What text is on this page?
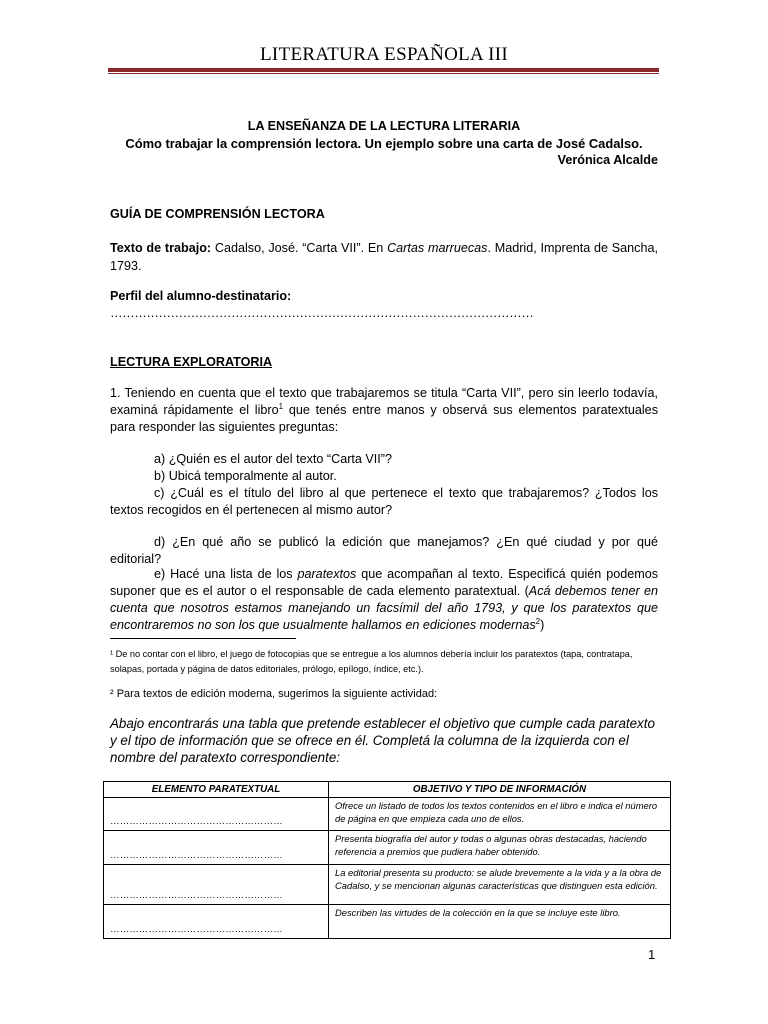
LITERATURA ESPAÑOLA III
LA ENSEÑANZA DE LA LECTURA LITERARIA
Cómo trabajar la comprensión lectora. Un ejemplo sobre una carta de José Cadalso.
Verónica Alcalde
GUÍA DE COMPRENSIÓN LECTORA
Texto de trabajo: Cadalso, José. “Carta VII”. En Cartas marruecas. Madrid, Imprenta de Sancha, 1793.
Perfil del alumno-destinatario: ……………………………………………………………………………………………
LECTURA EXPLORATORIA
1. Teniendo en cuenta que el texto que trabajaremos se titula “Carta VII”, pero sin leerlo todavía, examiná rápidamente el libro$^1$ que tenés entre manos y observá sus elementos paratextuales para responder las siguientes preguntas:
a) ¿Quién es el autor del texto “Carta VII”?
b) Ubicá temporalmente al autor.
c) ¿Cuál es el título del libro al que pertenece el texto que trabajaremos? ¿Todos los textos recogidos en él pertenecen al mismo autor?
d) ¿En qué año se publicó la edición que manejamos? ¿En qué ciudad y por qué editorial?
e) Hacé una lista de los paratextos que acompañan al texto. Especificá quién podemos suponer que es el autor o el responsable de cada elemento paratextual. (Acá debemos tener en cuenta que nosotros estamos manejando un facsímil del año 1793, y que los paratextos que encontraremos no son los que usualmente hallamos en ediciones modernas$^2$)
¹ De no contar con el libro, el juego de fotocopias que se entregue a los alumnos debería incluir los paratextos (tapa, contratapa, solapas, portada y página de datos editoriales, prólogo, epílogo, índice, etc.).
² Para textos de edición moderna, sugerimos la siguiente actividad:
Abajo encontrarás una tabla que pretende establecer el objetivo que cumple cada paratexto y el tipo de información que se ofrece en él. Completá la columna de la izquierda con el nombre del paratexto correspondiente:
ELEMENTO PARATEXTUAL	OBJETIVO Y TIPO DE INFORMACIÓN
………………………………………………	Ofrece un listado de todos los textos contenidos en el libro e indica el número de página en que empieza cada uno de ellos.
………………………………………………	Presenta biografía del autor y todas o algunas obras destacadas, haciendo referencia a premios que pudiera haber obtenido.
………………………………………………	La editorial presenta su producto: se alude brevemente a la vida y a la obra de Cadalso, y se mencionan algunas características que distinguen esta edición.
………………………………………………	Describen las virtudes de la colección en la que se incluye este libro.
1
